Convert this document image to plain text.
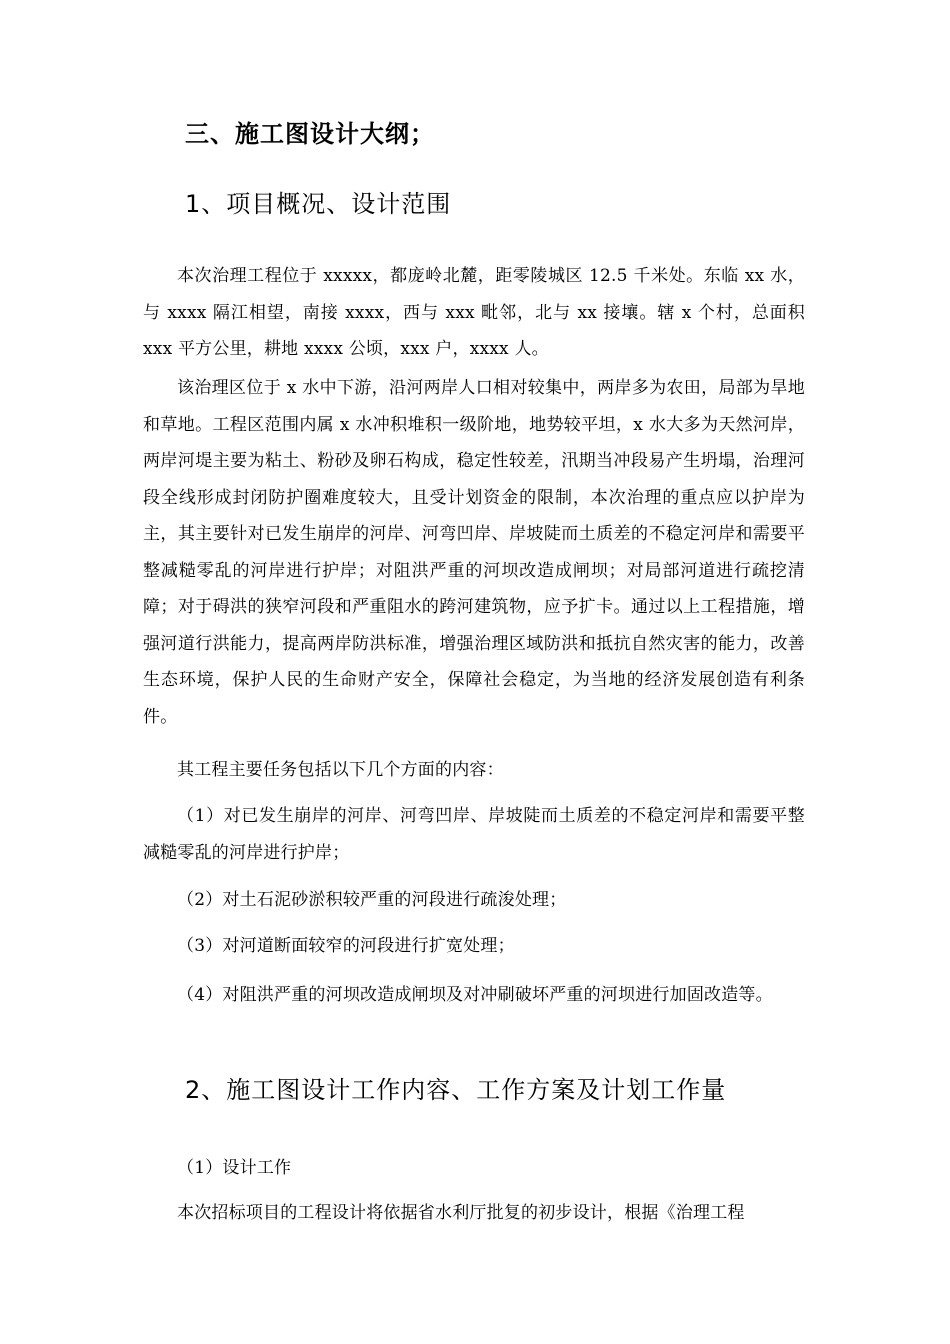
三、施工图设计大纲；
1、项目概况、设计范围
本次治理工程位于 xxxxx，都庞岭北麓，距零陵城区 12.5 千米处。东临 xx 水，与 xxxx 隔江相望，南接 xxxx，西与 xxx 毗邻，北与 xx 接壤。辖 x 个村，总面积 xxx 平方公里，耕地 xxxx 公顷，xxx 户，xxxx 人。
该治理区位于 x 水中下游，沿河两岸人口相对较集中，两岸多为农田，局部为旱地和草地。工程区范围内属 x 水冲积堆积一级阶地，地势较平坦，x 水大多为天然河岸，两岸河堤主要为粘土、粉砂及卵石构成，稳定性较差，汛期当冲段易产生坍塌，治理河段全线形成封闭防护圈难度较大，且受计划资金的限制，本次治理的重点应以护岸为主，其主要针对已发生崩岸的河岸、河弯凹岸、岸坡陡而土质差的不稳定河岸和需要平整减糙零乱的河岸进行护岸；对阻洪严重的河坝改造成闸坝；对局部河道进行疏挖清障；对于碍洪的狭窄河段和严重阻水的跨河建筑物，应予扩卡。通过以上工程措施，增强河道行洪能力，提高两岸防洪标准，增强治理区域防洪和抵抗自然灾害的能力，改善生态环境，保护人民的生命财产安全，保障社会稳定，为当地的经济发展创造有利条件。
其工程主要任务包括以下几个方面的内容：
（1）对已发生崩岸的河岸、河弯凹岸、岸坡陡而土质差的不稳定河岸和需要平整减糙零乱的河岸进行护岸；
（2）对土石泥砂淤积较严重的河段进行疏浚处理；
（3）对河道断面较窄的河段进行扩宽处理；
（4）对阻洪严重的河坝改造成闸坝及对冲刷破坏严重的河坝进行加固改造等。
2、施工图设计工作内容、工作方案及计划工作量
（1）设计工作
本次招标项目的工程设计将依据省水利厅批复的初步设计，根据《治理工程
